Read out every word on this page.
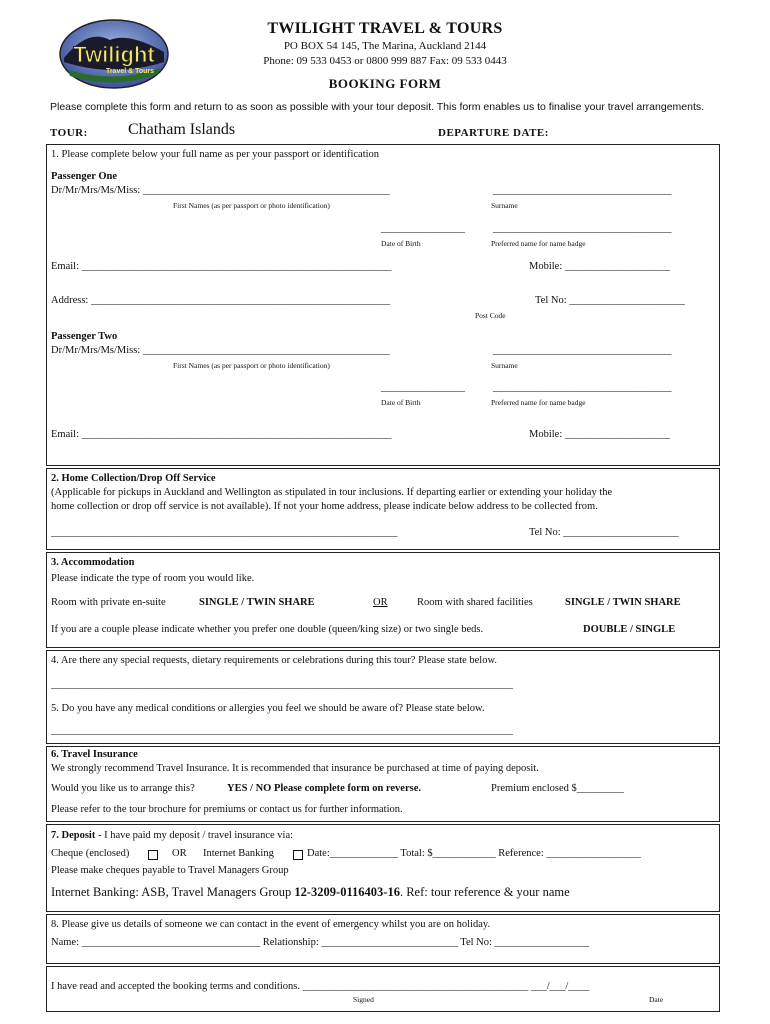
Twilight
Travel & Tours
TWILIGHT TRAVEL & TOURS
PO BOX 54 145, The Marina, Auckland 2144
Phone: 09 533 0453 or 0800 999 887 Fax: 09 533 0443
BOOKING FORM
Please complete this form and return to as soon as possible with your tour deposit. This form enables us to finalise your travel arrangements.
TOUR:	Chatham Islands	DEPARTURE DATE:
1. Please complete below your full name as per your passport or identification
Passenger One
Dr/Mr/Mrs/Ms/Miss: _______________________________________________	__________________________________
First Names (as per passport or photo identification)	Surname
________________	__________________________________
Date of Birth	Preferred name for name badge
Email: ___________________________________________________________	Mobile: ____________________
Address: _________________________________________________________	Tel No: ______________________
Post Code
Passenger Two
Dr/Mr/Mrs/Ms/Miss: _______________________________________________	__________________________________
First Names (as per passport or photo identification)	Surname
________________	__________________________________
Date of Birth	Preferred name for name badge
Email: ___________________________________________________________	Mobile: ____________________
2. Home Collection/Drop Off Service
(Applicable for pickups in Auckland and Wellington as stipulated in tour inclusions. If departing earlier or extending your holiday the
home collection or drop off service is not available). If not your home address, please indicate below address to be collected from.
__________________________________________________________________	Tel No: ______________________
3. Accommodation
Please indicate the type of room you would like.
Room with private en-suite	SINGLE / TWIN SHARE	OR	Room with shared facilities	SINGLE / TWIN SHARE
If you are a couple please indicate whether you prefer one double (queen/king size) or two single beds.	DOUBLE / SINGLE
4. Are there any special requests, dietary requirements or celebrations during this tour? Please state below.
________________________________________________________________________________________
5. Do you have any medical conditions or allergies you feel we should be aware of? Please state below.
________________________________________________________________________________________
6. Travel Insurance
We strongly recommend Travel Insurance. It is recommended that insurance be purchased at time of paying deposit.
Would you like us to arrange this?	YES / NO Please complete form on reverse.	Premium enclosed $_________
Please refer to the tour brochure for premiums or contact us for further information.
7. Deposit - I have paid my deposit / travel insurance via:
Cheque (enclosed)	OR Internet Banking	Date:_____________ Total: $____________ Reference: __________________
Please make cheques payable to Travel Managers Group
Internet Banking: ASB, Travel Managers Group 12-3209-0116403-16. Ref: tour reference & your name
8. Please give us details of someone we can contact in the event of emergency whilst you are on holiday.
Name: __________________________________ Relationship: __________________________ Tel No: __________________
I have read and accepted the booking terms and conditions. ___________________________________________ ___/___/____
Signed	Date
